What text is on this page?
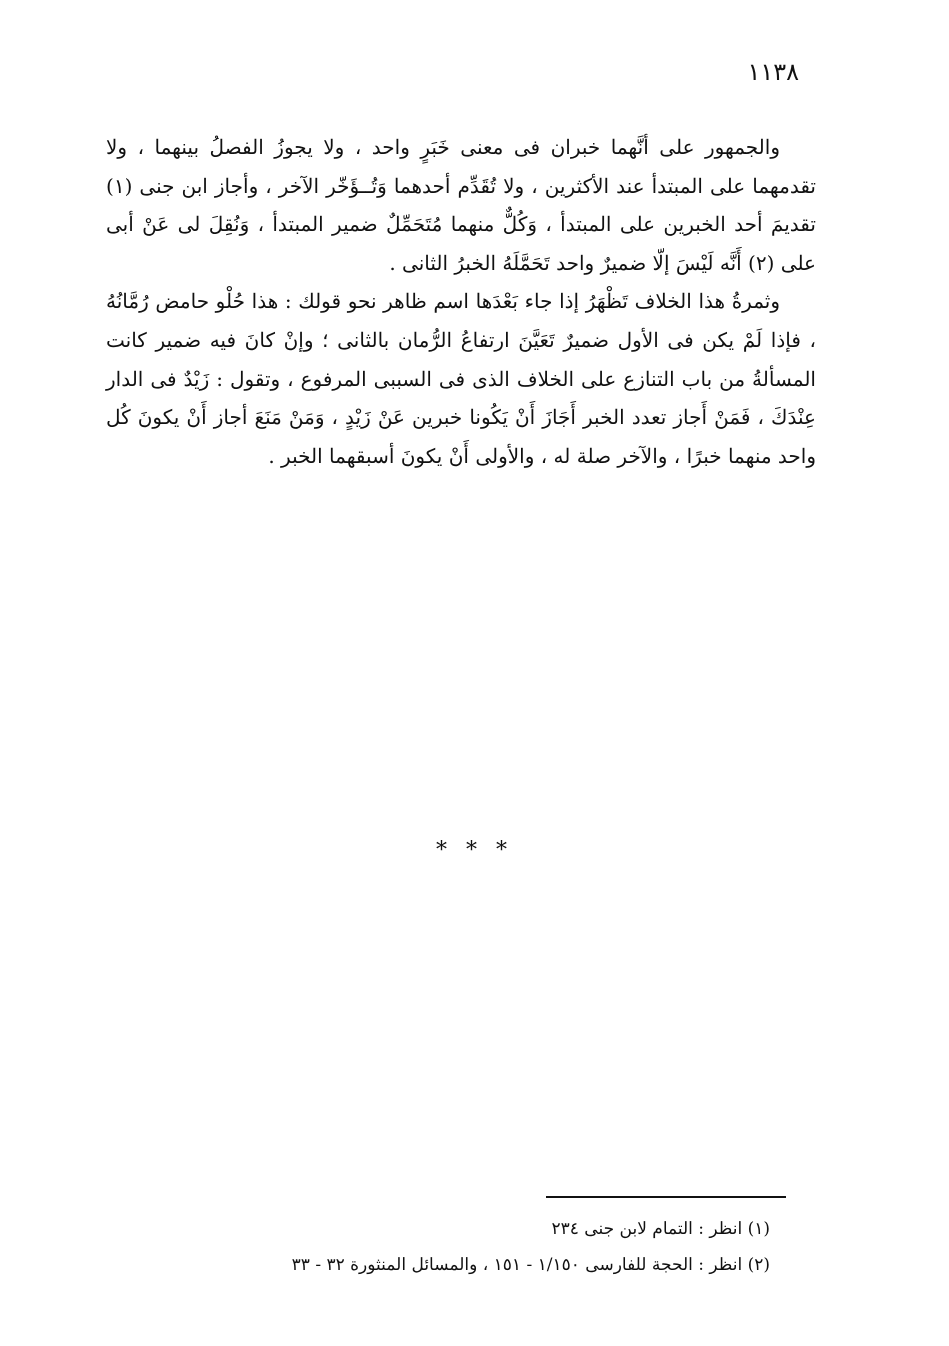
١١٣٨

والجمهور على أنَّهما خبران فى معنى خَبَرٍ واحد ، ولا يجوزُ الفصلُ بينهما ، ولا تقدمهما على المبتدأ عند الأكثرين ، ولا تُقَدِّم أحدهما وَتُــؤَخّر الآخر ، وأجاز ابن جنى (١) تقديمَ أحد الخبرين على المبتدأ ، وَكُلٌّ منهما مُتَحَمِّلٌ ضمير المبتدأ ، وَنُقِلَ لى عَنْ أبى على (٢) أَنَّه لَيْسَ إلّا ضميرٌ واحد تَحَمَّلَهُ الخبرُ الثانى .

وثمرةُ هذا الخلاف تَظْهَرُ إذا جاء بَعْدَها اسم ظاهر نحو قولك : هذا حُلْو حامض رُمَّانُهُ ، فإذا لَمْ يكن فى الأول ضميرٌ تَعَيَّنَ ارتفاعُ الرُّمان بالثانى ؛ وإنْ كانَ فيه ضمير كانت المسألةُ من باب التنازع على الخلاف الذى فى السببى المرفوع ، وتقول : زَيْدٌ فى الدار عِنْدَكَ ، فَمَنْ أَجاز تعدد الخبر أَجَازَ أَنْ يَكُونا خبرين عَنْ زَيْدٍ ، وَمَنْ مَنَعَ أجاز أَنْ يكونَ كُل واحد منهما خبرًا ، والآخر صلة له ، والأولى أَنْ يكونَ أسبقهما الخبر .

* * *
(١) انظر : التمام لابن جنى ٢٣٤
(٢) انظر : الحجة للفارسى ١/١٥٠ - ١٥١ ، والمسائل المنثورة ٣٢ - ٣٣
